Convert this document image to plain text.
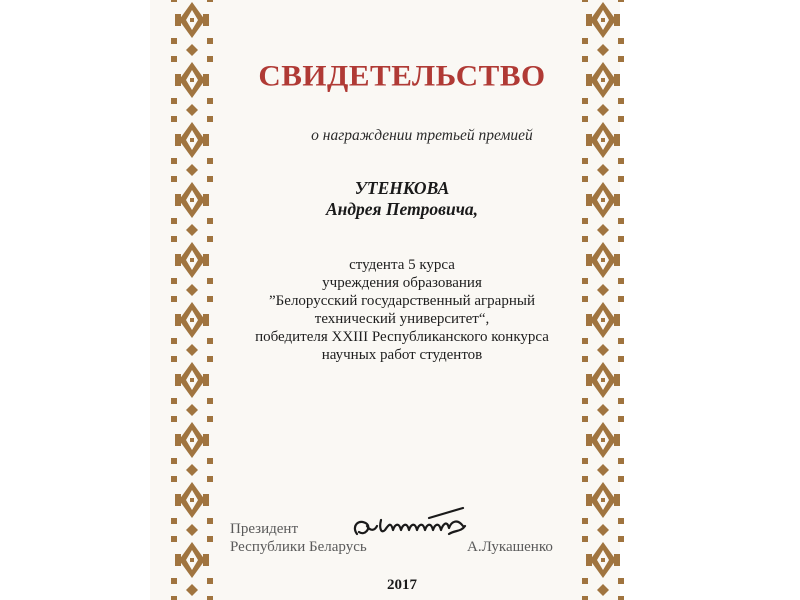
СВИДЕТЕЛЬСТВО
о награждении третьей премией
УТЕНКОВА
Андрея Петровича,
студента 5 курса
учреждения образования
”Белорусский государственный аграрный
технический университет“,
победителя XXIII Республиканского конкурса
научных работ студентов
Президент
Республики Беларусь	А.Лукашенко
2017
